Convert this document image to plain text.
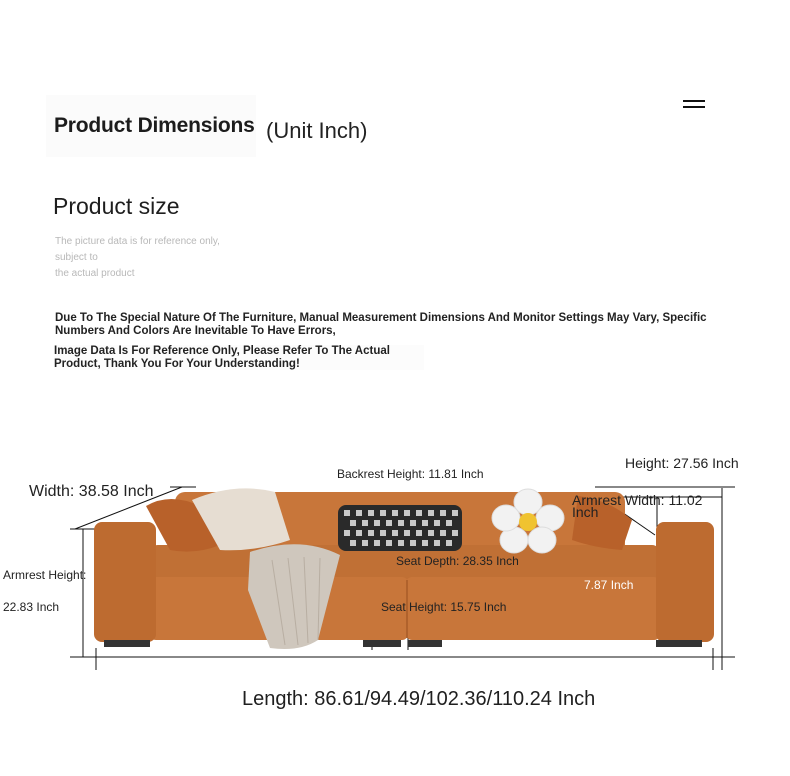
Product Dimensions (Unit Inch)
Product size
The picture data is for reference only,
subject to
the actual product
Due To The Special Nature Of The Furniture, Manual Measurement Dimensions And Monitor Settings May Vary, Specific Numbers And Colors Are Inevitable To Have Errors,
Image Data Is For Reference Only, Please Refer To The Actual Product, Thank You For Your Understanding!
Width: 38.58 Inch
Backrest Height: 11.81 Inch
Height: 27.56 Inch
Armrest Width: 11.02
Inch
Armrest Height:
22.83 Inch
Seat Depth: 28.35 Inch
Seat Height: 15.75 Inch
7.87 Inch
Length: 86.61/94.49/102.36/110.24 Inch
